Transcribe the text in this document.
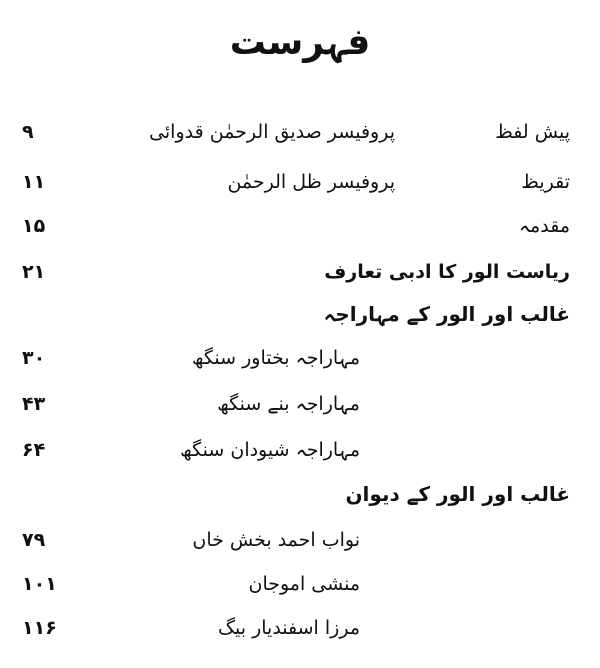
فہرست
۹	پروفیسر صدیق الرحمٰن قدوائی	پیش لفظ
۱۱	پروفیسر ظل الرحمٰن	تقریظ
۱۵	مقدمہ
۲۱	ریاست الور کا ادبی تعارف
غالب اور الور کے مہاراجہ
۳۰	مہاراجہ بختاور سنگھ
۴۳	مہاراجہ بنے سنگھ
۶۴	مہاراجہ شیودان سنگھ
غالب اور الور کے دیوان
۷۹	نواب احمد بخش خاں
۱۰۱	منشی اموجان
۱۱۶	مرزا اسفندیار بیگ
